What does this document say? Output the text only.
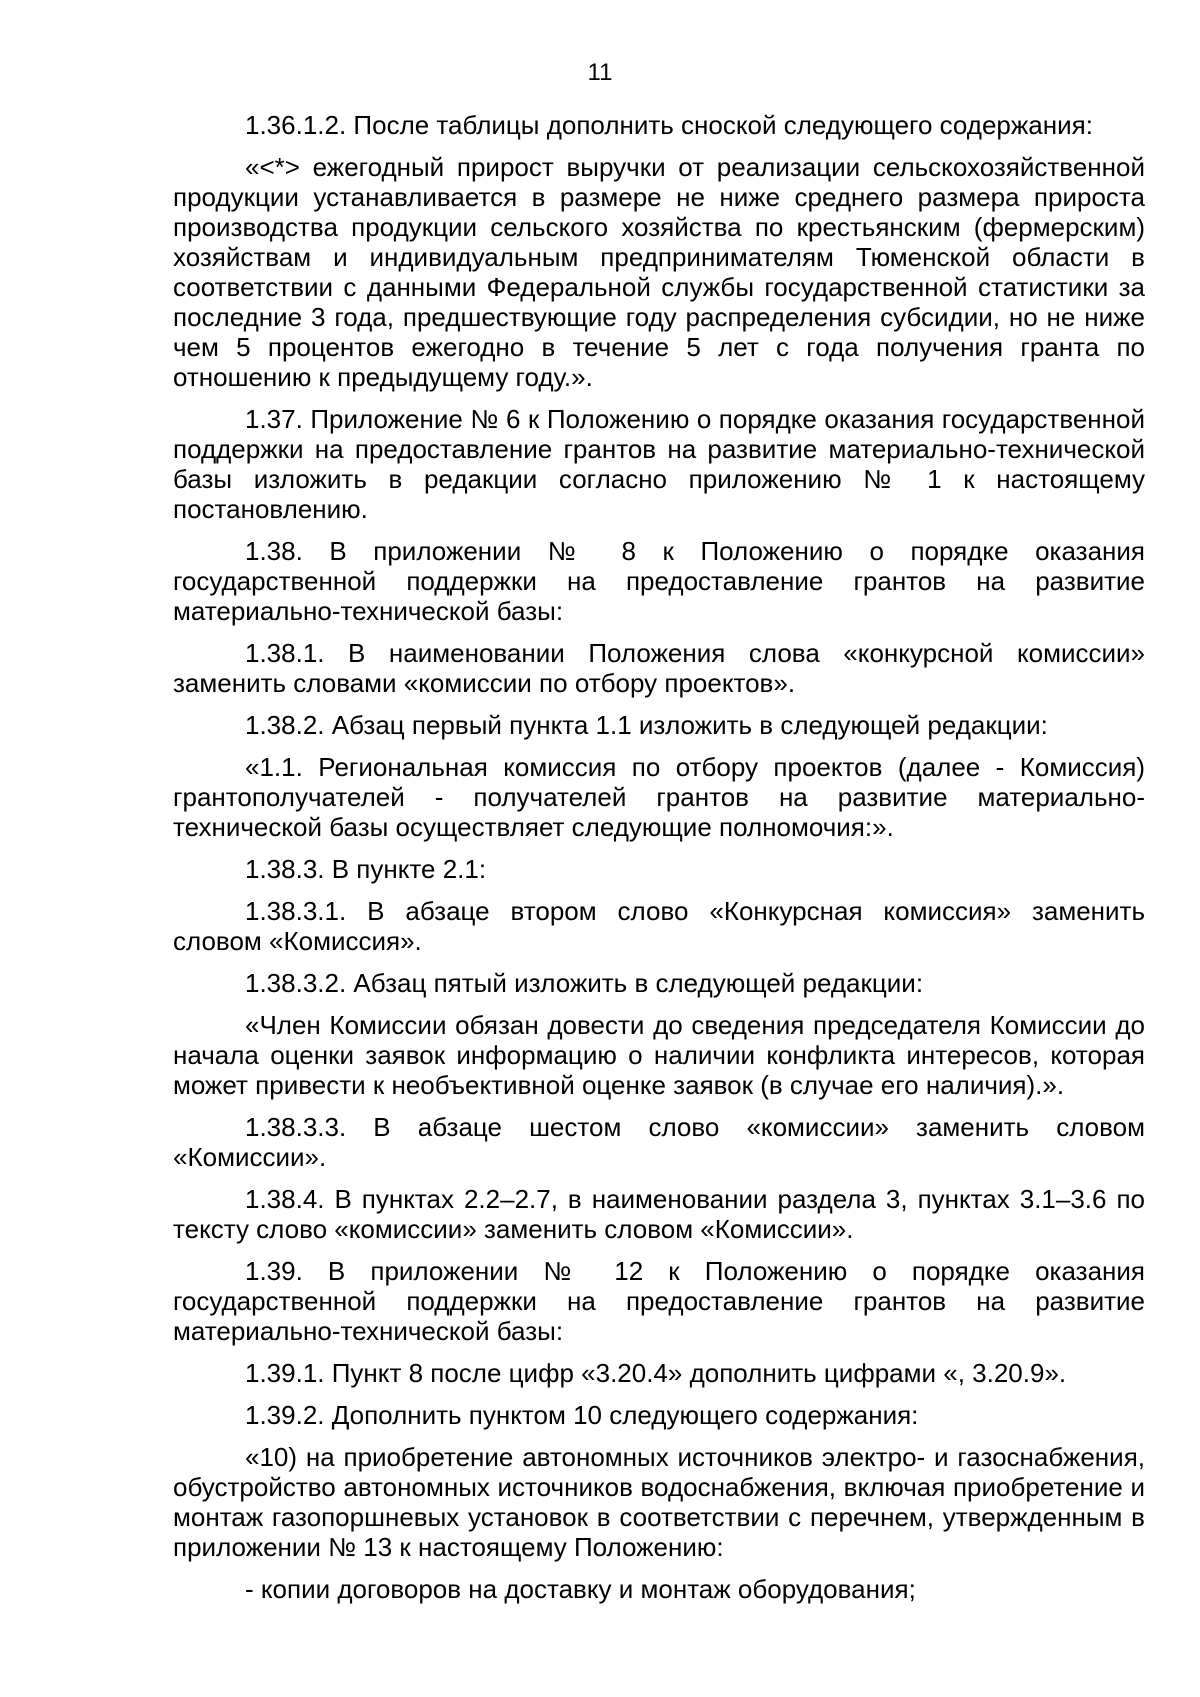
11

1.36.1.2. После таблицы дополнить сноской следующего содержания:

«<*> ежегодный прирост выручки от реализации сельскохозяйственной продукции устанавливается в размере не ниже среднего размера прироста производства продукции сельского хозяйства по крестьянским (фермерским) хозяйствам и индивидуальным предпринимателям Тюменской области в соответствии с данными Федеральной службы государственной статистики за последние 3 года, предшествующие году распределения субсидии, но не ниже чем 5 процентов ежегодно в течение 5 лет с года получения гранта по отношению к предыдущему году.».

1.37. Приложение № 6 к Положению о порядке оказания государственной поддержки на предоставление грантов на развитие материально-технической базы изложить в редакции согласно приложению № 1 к настоящему постановлению.

1.38. В приложении № 8 к Положению о порядке оказания государственной поддержки на предоставление грантов на развитие материально-технической базы:

1.38.1. В наименовании Положения слова «конкурсной комиссии» заменить словами «комиссии по отбору проектов».

1.38.2. Абзац первый пункта 1.1 изложить в следующей редакции:

«1.1. Региональная комиссия по отбору проектов (далее - Комиссия) грантополучателей - получателей грантов на развитие материально-технической базы осуществляет следующие полномочия:».

1.38.3. В пункте 2.1:

1.38.3.1. В абзаце втором слово «Конкурсная комиссия» заменить словом «Комиссия».

1.38.3.2. Абзац пятый изложить в следующей редакции:

«Член Комиссии обязан довести до сведения председателя Комиссии до начала оценки заявок информацию о наличии конфликта интересов, которая может привести к необъективной оценке заявок (в случае его наличия).».

1.38.3.3. В абзаце шестом слово «комиссии» заменить словом «Комиссии».

1.38.4. В пунктах 2.2–2.7, в наименовании раздела 3, пунктах 3.1–3.6 по тексту слово «комиссии» заменить словом «Комиссии».

1.39. В приложении № 12 к Положению о порядке оказания государственной поддержки на предоставление грантов на развитие материально-технической базы:

1.39.1. Пункт 8 после цифр «3.20.4» дополнить цифрами «, 3.20.9».

1.39.2. Дополнить пунктом 10 следующего содержания:

«10) на приобретение автономных источников электро- и газоснабжения, обустройство автономных источников водоснабжения, включая приобретение и монтаж газопоршневых установок в соответствии с перечнем, утвержденным в приложении № 13 к настоящему Положению:

- копии договоров на доставку и монтаж оборудования;
